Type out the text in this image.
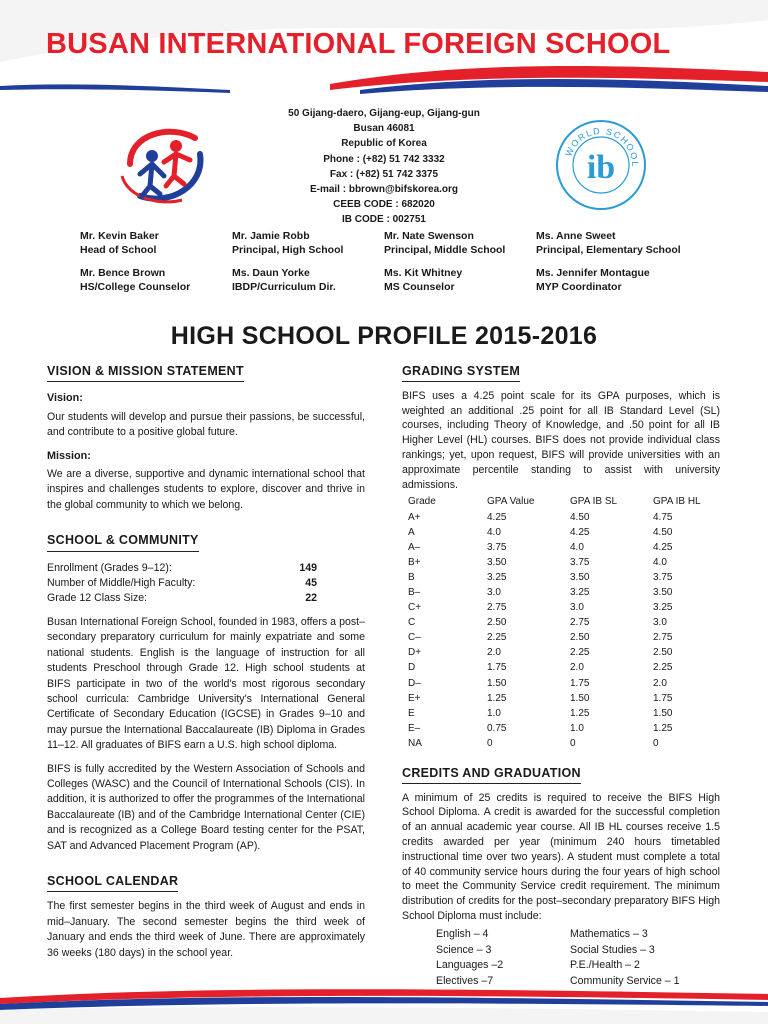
BUSAN INTERNATIONAL FOREIGN SCHOOL
WORLD SCHOOL
ib
50 Gijang-daero, Gijang-eup, Gijang-gun
Busan 46081
Republic of Korea
Phone : (+82) 51 742 3332
Fax : (+82) 51 742 3375
E-mail : bbrown@bifskorea.org
CEEB CODE : 682020
IB CODE : 002751
Mr. Kevin Baker
Head of School
Mr. Jamie Robb
Principal, High School
Mr. Nate Swenson
Principal, Middle School
Ms. Anne Sweet
Principal, Elementary School
Mr. Bence Brown
HS/College Counselor
Ms. Daun Yorke
IBDP/Curriculum Dir.
Ms. Kit Whitney
MS Counselor
Ms. Jennifer Montague
MYP Coordinator
HIGH SCHOOL PROFILE 2015-2016
VISION & MISSION STATEMENT
Vision:

Our students will develop and pursue their passions, be successful, and contribute to a positive global future.

Mission:

We are a diverse, supportive and dynamic international school that inspires and challenges students to explore, discover and thrive in the global community to which we belong.

SCHOOL & COMMUNITY
Enrollment (Grades 9–12):	149
Number of Middle/High Faculty:	45
Grade 12 Class Size:	22

Busan International Foreign School, founded in 1983, offers a post–secondary preparatory curriculum for mainly expatriate and some national students. English is the language of instruction for all students Preschool through Grade 12. High school students at BIFS participate in two of the world's most rigorous secondary school curricula: Cambridge University's International General Certificate of Secondary Education (IGCSE) in Grades 9–10 and may pursue the International Baccalaureate (IB) Diploma in Grades 11–12. All graduates of BIFS earn a U.S. high school diploma.

BIFS is fully accredited by the Western Association of Schools and Colleges (WASC) and the Council of International Schools (CIS). In addition, it is authorized to offer the programmes of the International Baccalaureate (IB) and of the Cambridge International Center (CIE) and is recognized as a College Board testing center for the PSAT, SAT and Advanced Placement Program (AP).

SCHOOL CALENDAR

The first semester begins in the third week of August and ends in mid–January. The second semester begins the third week of January and ends the third week of June. There are approximately 36 weeks (180 days) in the school year.

GRADING SYSTEM

BIFS uses a 4.25 point scale for its GPA purposes, which is weighted an additional .25 point for all IB Standard Level (SL) courses, including Theory of Knowledge, and .50 point for all IB Higher Level (HL) courses. BIFS does not provide individual class rankings; yet, upon request, BIFS will provide universities with an approximate percentile standing to assist with university admissions.

Grade	GPA Value	GPA IB SL	GPA IB HL
A+	4.25	4.50	4.75
A	4.0	4.25	4.50
A–	3.75	4.0	4.25
B+	3.50	3.75	4.0
B	3.25	3.50	3.75
B–	3.0	3.25	3.50
C+	2.75	3.0	3.25
C	2.50	2.75	3.0
C–	2.25	2.50	2.75
D+	2.0	2.25	2.50
D	1.75	2.0	2.25
D–	1.50	1.75	2.0
E+	1.25	1.50	1.75
E	1.0	1.25	1.50
E–	0.75	1.0	1.25
NA	0	0	0
CREDITS AND GRADUATION

A minimum of 25 credits is required to receive the BIFS High School Diploma. A credit is awarded for the successful completion of an annual academic year course. All IB HL courses receive 1.5 credits awarded per year (minimum 240 hours timetabled instructional time over two years). A student must complete a total of 40 community service hours during the four years of high school to meet the Community Service credit requirement. The minimum distribution of credits for the post–secondary preparatory BIFS High School Diploma must include:

English – 4	Mathematics – 3
Science – 3	Social Studies – 3
Languages –2	P.E./Health – 2
Electives –7	Community Service – 1
